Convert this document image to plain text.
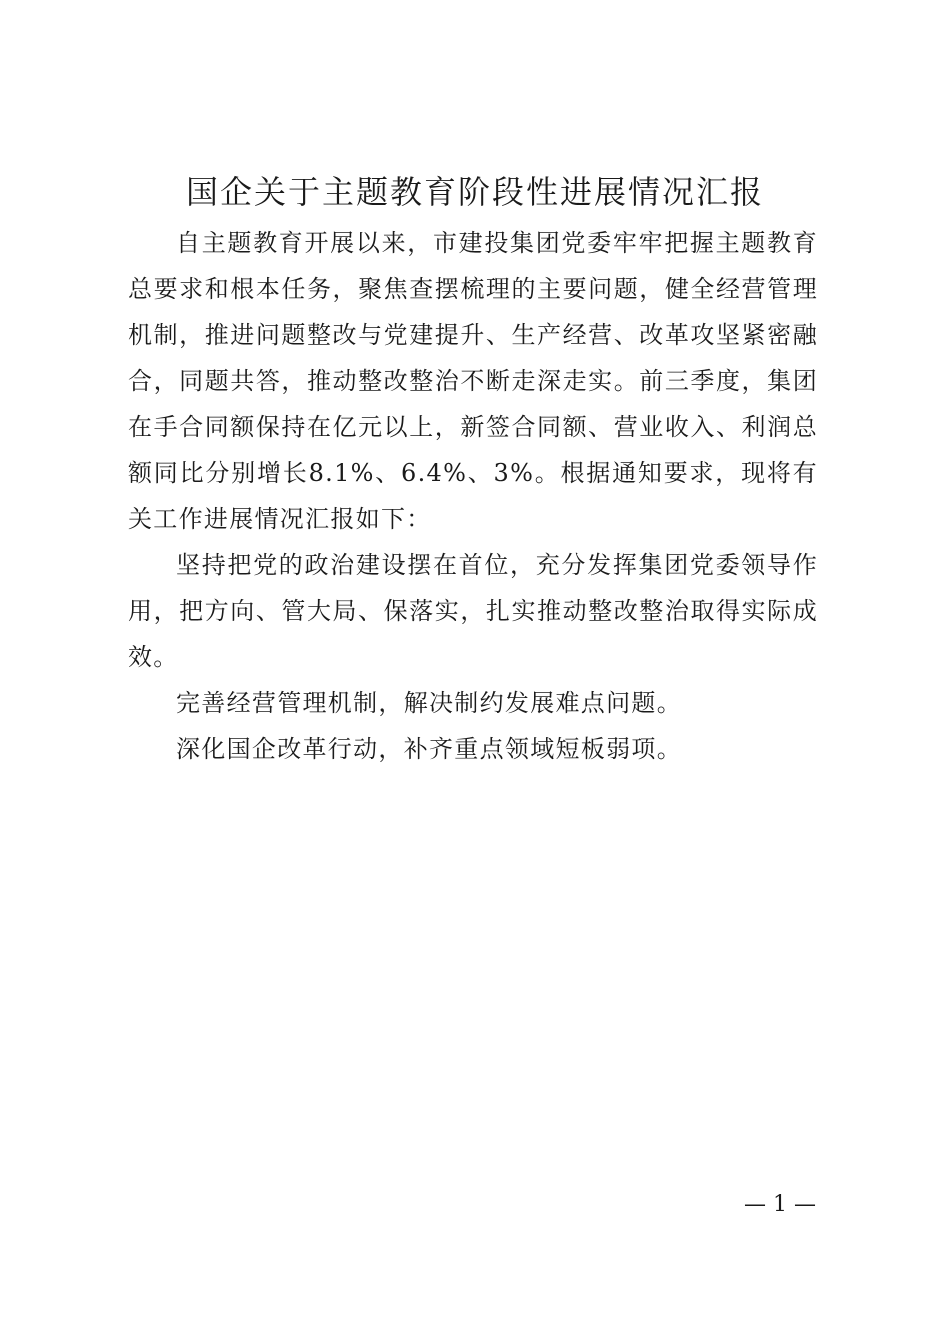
国企关于主题教育阶段性进展情况汇报

自主题教育开展以来，市建投集团党委牢牢把握主题教育总要求和根本任务，聚焦查摆梳理的主要问题，健全经营管理机制，推进问题整改与党建提升、生产经营、改革攻坚紧密融合，同题共答，推动整改整治不断走深走实。前三季度，集团在手合同额保持在亿元以上，新签合同额、营业收入、利润总额同比分别增长8.1%、6.4%、3%。根据通知要求，现将有关工作进展情况汇报如下：

坚持把党的政治建设摆在首位，充分发挥集团党委领导作用，把方向、管大局、保落实，扎实推动整改整治取得实际成效。

完善经营管理机制，解决制约发展难点问题。

深化国企改革行动，补齐重点领域短板弱项。

— 1 —
